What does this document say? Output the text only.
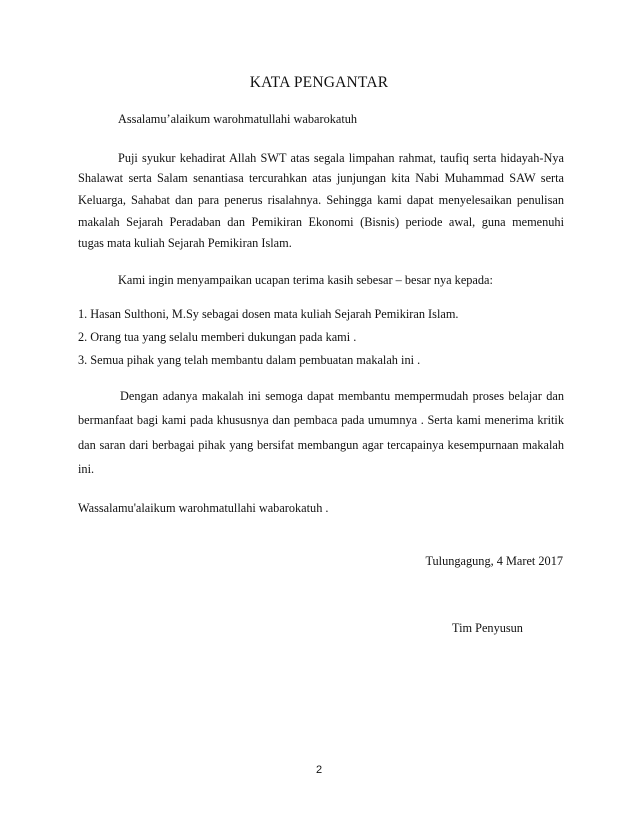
KATA PENGANTAR
Assalamu’alaikum warohmatullahi wabarokatuh
Puji syukur kehadirat Allah SWT atas segala limpahan rahmat, taufiq serta hidayah-Nya
Shalawat serta Salam senantiasa tercurahkan atas junjungan kita Nabi Muhammad SAW serta
Keluarga, Sahabat dan para penerus risalahnya. Sehingga kami dapat menyelesaikan penulisan
makalah Sejarah Peradaban dan Pemikiran Ekonomi (Bisnis) periode awal, guna memenuhi
tugas mata kuliah Sejarah Pemikiran Islam.
Kami ingin menyampaikan ucapan terima kasih sebesar – besar nya kepada:
1. Hasan Sulthoni, M.Sy sebagai dosen mata kuliah Sejarah Pemikiran Islam.
2. Orang tua yang selalu memberi dukungan pada kami .
3. Semua pihak yang telah membantu dalam pembuatan makalah ini .
Dengan adanya makalah ini semoga dapat membantu mempermudah proses belajar dan
bermanfaat bagi kami pada khususnya dan pembaca pada umumnya . Serta kami menerima kritik
dan saran dari berbagai pihak yang bersifat membangun agar tercapainya kesempurnaan makalah
ini.
Wassalamu'alaikum warohmatullahi wabarokatuh .
Tulungagung, 4 Maret 2017
Tim Penyusun
2
